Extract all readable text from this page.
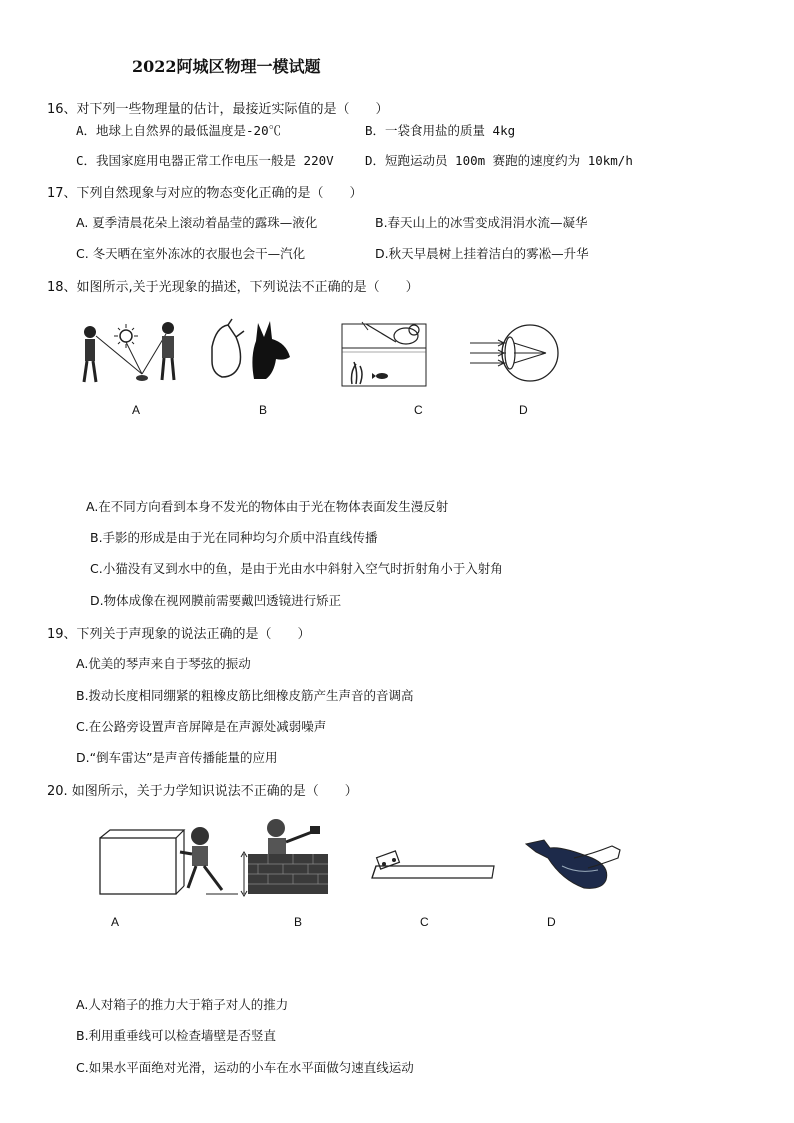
2022阿城区物理一模试题
16、对下列一些物理量的估计，最接近实际值的是（　　）
A．地球上自然界的最低温度是-20℃	B．一袋食用盐的质量 4kg
C．我国家庭用电器正常工作电压一般是 220V	D．短跑运动员 100m 赛跑的速度约为 10km/h
17、下列自然现象与对应的物态变化正确的是（　　）
A. 夏季清晨花朵上滚动着晶莹的露珠—液化	B.春天山上的冰雪变成涓涓水流—凝华
C. 冬天晒在室外冻冰的衣服也会干—汽化	D.秋天早晨树上挂着洁白的雾凇—升华
18、如图所示,关于光现象的描述，下列说法不正确的是（　　）
A	B	C	D
A.在不同方向看到本身不发光的物体由于光在物体表面发生漫反射
B.手影的形成是由于光在同种均匀介质中沿直线传播
C.小猫没有叉到水中的鱼，是由于光由水中斜射入空气时折射角小于入射角
D.物体成像在视网膜前需要戴凹透镜进行矫正
19、下列关于声现象的说法正确的是（　　）
A.优美的琴声来自于琴弦的振动
B.拨动长度相同绷紧的粗橡皮筋比细橡皮筋产生声音的音调高
C.在公路旁设置声音屏障是在声源处减弱噪声
D.“倒车雷达”是声音传播能量的应用
20. 如图所示，关于力学知识说法不正确的是（　　）
A	B	C	D
A.人对箱子的推力大于箱子对人的推力
B.利用重垂线可以检查墙壁是否竖直
C.如果水平面绝对光滑，运动的小车在水平面做匀速直线运动
